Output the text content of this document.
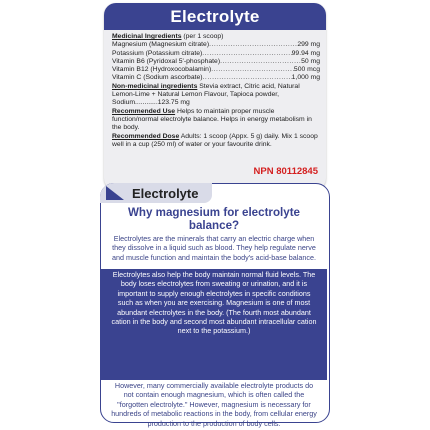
Electrolyte
Medicinal Ingredients (per 1 scoop)
Magnesium (Magnesium citrate) .....	299 mg
Potassium (Potassium citrate) .....	99.94 mg
Vitamin B6 (Pyridoxal 5'-phosphate) .....	50 mg
Vitamin B12 (Hydroxocobalamin) .....	500 mcg
Vitamin C (Sodium ascorbate) .....	1,000 mg
Non-medicinal ingredients Stevia extract, Citric acid, Natural Lemon-Lime + Natural Lemon Flavour, Tapioca powder, Sodium............123.75 mg
Recommended Use Helps to maintain proper muscle function/normal electrolyte balance. Helps in energy metabolism in the body.
Recommended Dose Adults: 1 scoop (Appx. 5 g) daily. Mix 1 scoop well in a cup (250 ml) of water or your favourite drink.
NPN 80112845
Electrolyte
Why magnesium for electrolyte balance?
Electrolytes are the minerals that carry an electric charge when they dissolve in a liquid such as blood. They help regulate nerve and muscle function and maintain the body's acid-base balance.
Electrolytes also help the body maintain normal fluid levels. The body loses electrolytes from sweating or urination, and it is important to supply enough electrolytes in specific conditions such as when you are exercising. Magnesium is one of most abundant electrolytes in the body. (The fourth most abundant cation in the body and second most abundant intracellular cation next to the potassium.)
However, many commercially available electrolyte products do not contain enough magnesium, which is often called the "forgotten electrolyte." However, magnesium is necessary for hundreds of metabolic reactions in the body, from cellular energy production to the production of body cells.
